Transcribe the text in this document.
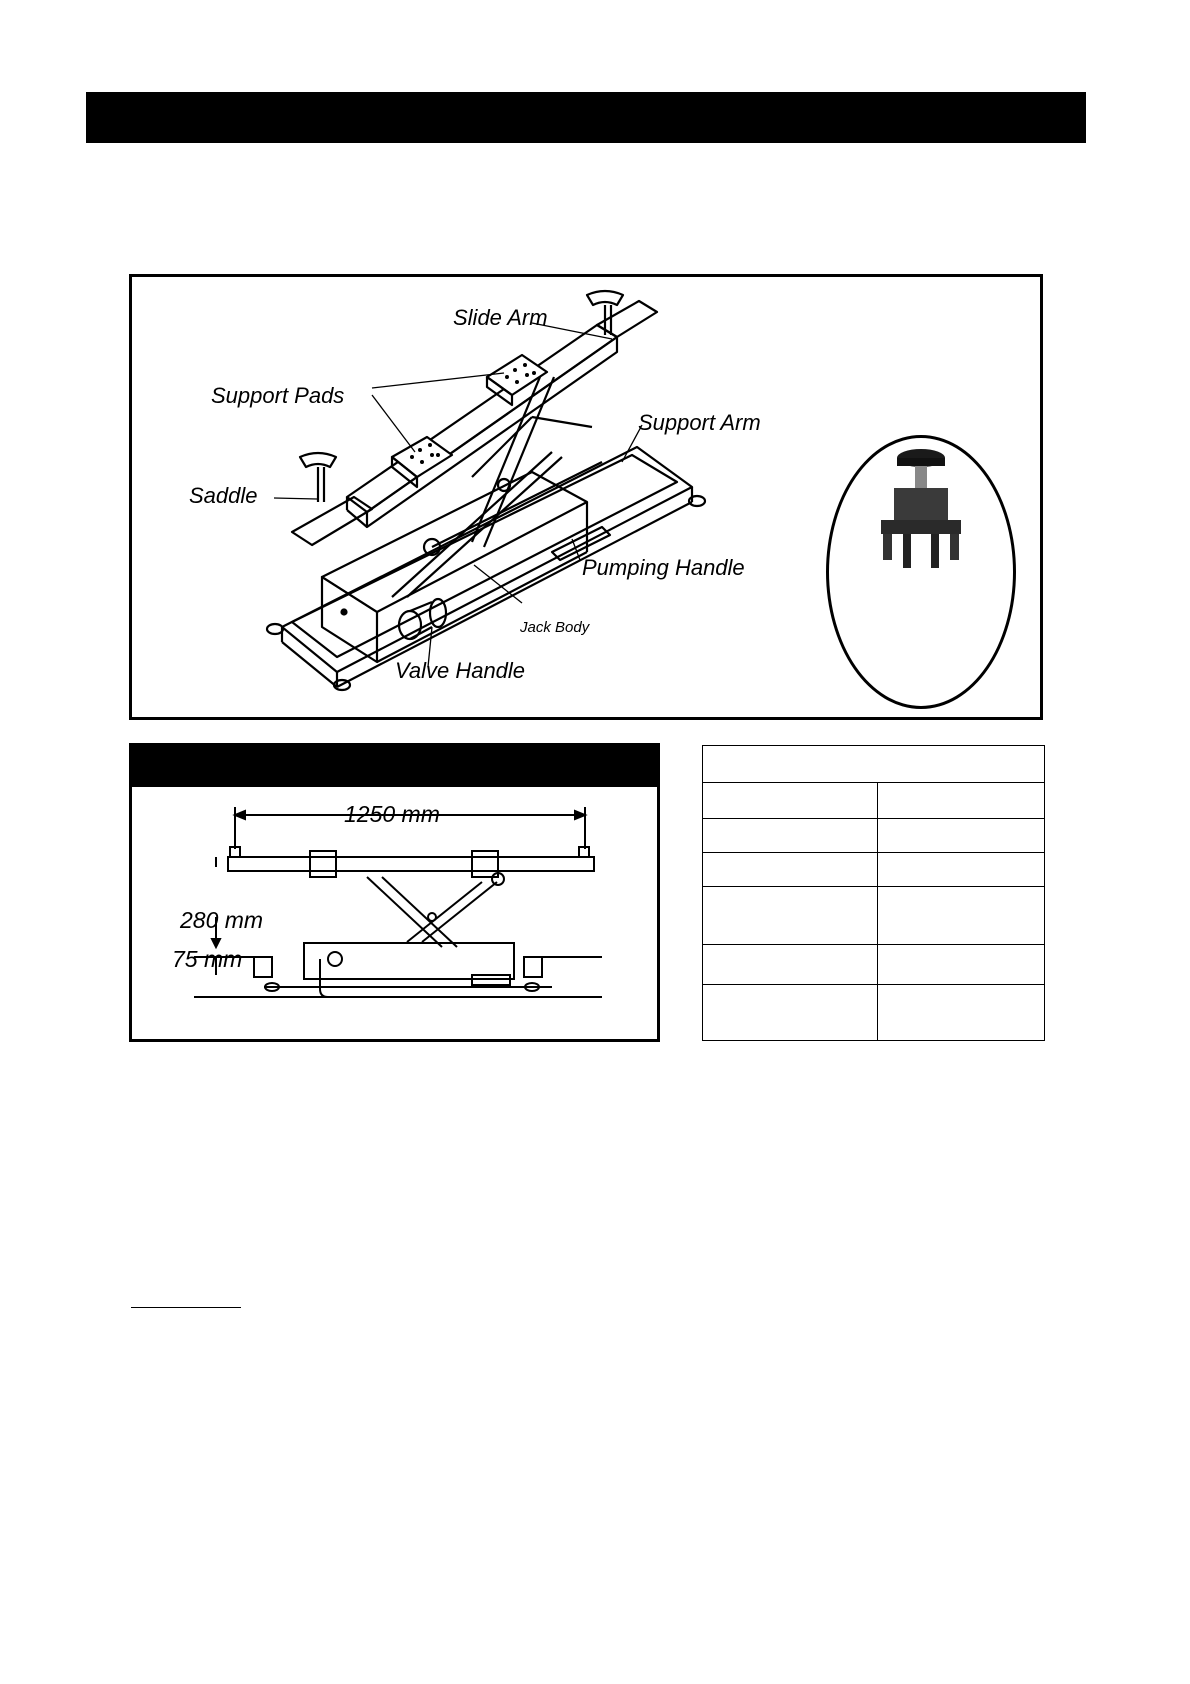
Slide Arm
Support Pads
Support Arm
Saddle
Pumping Handle
Jack Body
Valve Handle
1250 mm
280 mm
75 mm
